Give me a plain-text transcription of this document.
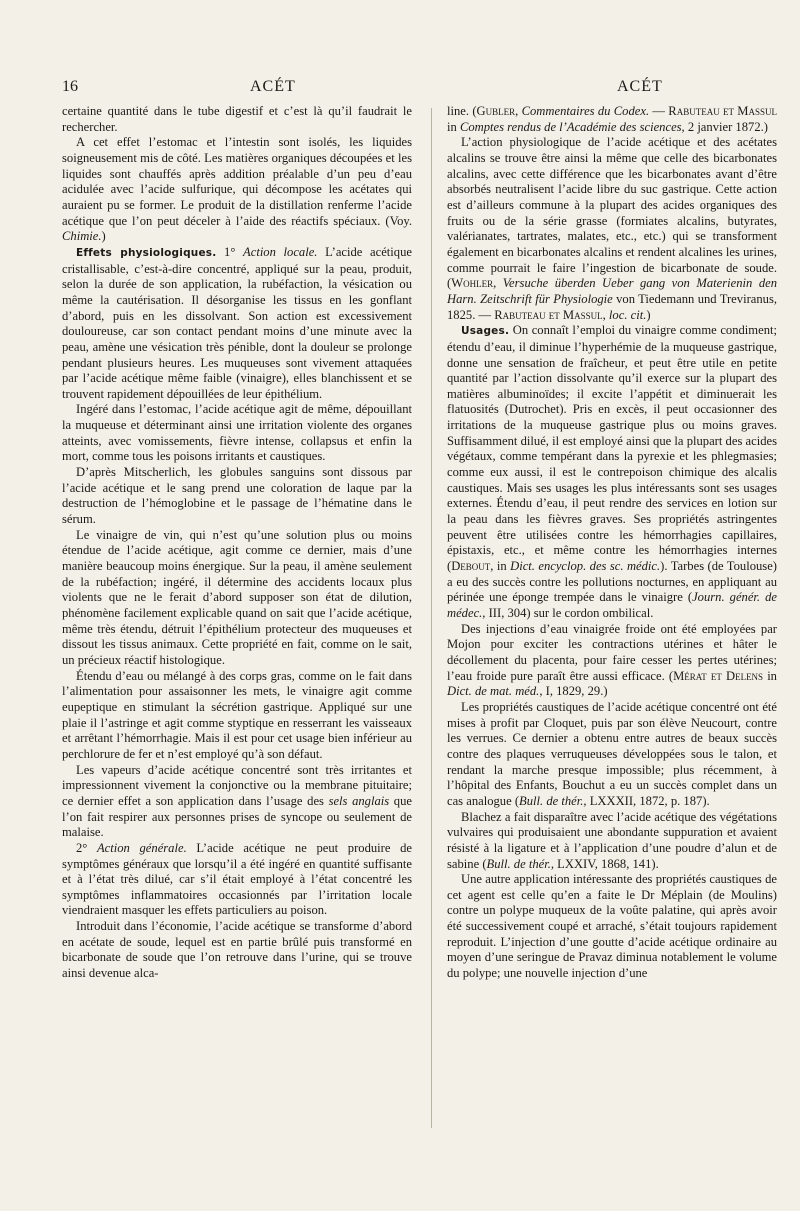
16	ACÉT	ACÉT

certaine quantité dans le tube digestif et c’est là qu’il faudrait le rechercher.

A cet effet l’estomac et l’intestin sont isolés, les liquides soigneusement mis de côté. Les matières organiques découpées et les liquides sont chauffés après addition préalable d’un peu d’eau acidulée avec l’acide sulfurique, qui décompose les acétates qui auraient pu se former. Le produit de la distillation renferme l’acide acétique que l’on peut déceler à l’aide des réactifs spéciaux. (Voy. Chimie.)

Effets physiologiques. 1° Action locale. L’acide acétique cristallisable, c’est-à-dire concentré, appliqué sur la peau, produit, selon la durée de son application, la rubéfaction, la vésication ou même la cautérisation. Il désorganise les tissus en les gonflant d’abord, puis en les dissolvant. Son action est excessivement douloureuse, car son contact pendant moins d’une minute avec la peau, amène une vésication très pénible, dont la douleur se prolonge pendant plusieurs heures. Les muqueuses sont vivement attaquées par l’acide acétique même faible (vinaigre), elles blanchissent et se trouvent rapidement dépouillées de leur épithélium.

Ingéré dans l’estomac, l’acide acétique agit de même, dépouillant la muqueuse et déterminant ainsi une irritation violente des organes atteints, avec vomissements, fièvre intense, collapsus et enfin la mort, comme tous les poisons irritants et caustiques.

D’après Mitscherlich, les globules sanguins sont dissous par l’acide acétique et le sang prend une coloration de laque par la destruction de l’hémoglobine et le passage de l’hématine dans le sérum.

Le vinaigre de vin, qui n’est qu’une solution plus ou moins étendue de l’acide acétique, agit comme ce dernier, mais d’une manière beaucoup moins énergique. Sur la peau, il amène seulement de la rubéfaction; ingéré, il détermine des accidents locaux plus violents que ne le ferait d’abord supposer son état de dilution, phénomène facilement explicable quand on sait que l’acide acétique, même très étendu, détruit l’épithélium protecteur des muqueuses et dissout les tissus animaux. Cette propriété en fait, comme on le sait, un précieux réactif histologique.

Étendu d’eau ou mélangé à des corps gras, comme on le fait dans l’alimentation pour assaisonner les mets, le vinaigre agit comme eupeptique en stimulant la sécrétion gastrique. Appliqué sur une plaie il l’astringe et agit comme styptique en resserrant les vaisseaux et arrêtant l’hémorrhagie. Mais il est pour cet usage bien inférieur au perchlorure de fer et n’est employé qu’à son défaut.

Les vapeurs d’acide acétique concentré sont très irritantes et impressionnent vivement la conjonctive ou la membrane pituitaire; ce dernier effet a son application dans l’usage des sels anglais que l’on fait respirer aux personnes prises de syncope ou seulement de malaise.

2° Action générale. L’acide acétique ne peut produire de symptômes généraux que lorsqu’il a été ingéré en quantité suffisante et à l’état très dilué, car s’il était employé à l’état concentré les symptômes inflammatoires occasionnés par l’irritation locale viendraient masquer les effets particuliers au poison.

Introduit dans l’économie, l’acide acétique se transforme d’abord en acétate de soude, lequel est en partie brûlé puis transformé en bicarbonate de soude que l’on retrouve dans l’urine, qui se trouve ainsi devenue alca-

line. (Gubler, Commentaires du Codex. — Rabuteau et Massul in Comptes rendus de l’Académie des sciences, 2 janvier 1872.)

L’action physiologique de l’acide acétique et des acétates alcalins se trouve être ainsi la même que celle des bicarbonates alcalins, avec cette différence que les bicarbonates avant d’être absorbés neutralisent l’acide libre du suc gastrique. Cette action est d’ailleurs commune à la plupart des acides organiques des fruits ou de la série grasse (formiates alcalins, butyrates, valérianates, tartrates, malates, etc., etc.) qui se transforment également en bicarbonates alcalins et rendent alcalines les urines, comme pourrait le faire l’ingestion de bicarbonate de soude. (Wohler, Versuche überden Ueber gang von Materienin den Harn. Zeitschrift für Physiologie von Tiedemann und Treviranus, 1825. — Rabuteau et Massul, loc. cit.)

Usages. On connaît l’emploi du vinaigre comme condiment; étendu d’eau, il diminue l’hyperhémie de la muqueuse gastrique, donne une sensation de fraîcheur, et peut être utile en petite quantité par l’action dissolvante qu’il exerce sur la plupart des matières albuminoïdes; il excite l’appétit et diminuerait les flatuosités (Dutrochet). Pris en excès, il peut occasionner des irritations de la muqueuse gastrique plus ou moins graves. Suffisamment dilué, il est employé ainsi que la plupart des acides végétaux, comme tempérant dans la pyrexie et les phlegmasies; comme eux aussi, il est le contrepoison chimique des alcalis caustiques. Mais ses usages les plus intéressants sont ses usages externes. Étendu d’eau, il peut rendre des services en lotion sur la peau dans les fièvres graves. Ses propriétés astringentes peuvent être utilisées contre les hémorrhagies capillaires, épistaxis, etc., et même contre les hémorrhagies internes (Debout, in Dict. encyclop. des sc. médic.). Tarbes (de Toulouse) a eu des succès contre les pollutions nocturnes, en appliquant au périnée une éponge trempée dans le vinaigre (Journ. génér. de médec., III, 304) sur le cordon ombilical.

Des injections d’eau vinaigrée froide ont été employées par Mojon pour exciter les contractions utérines et hâter le décollement du placenta, pour faire cesser les pertes utérines; l’eau froide pure paraît être aussi efficace. (Mérat et Delens in Dict. de mat. méd., I, 1829, 29.)

Les propriétés caustiques de l’acide acétique concentré ont été mises à profit par Cloquet, puis par son élève Neucourt, contre les verrues. Ce dernier a obtenu entre autres de beaux succès contre des plaques verruqueuses développées sous le talon, et rendant la marche presque impossible; plus récemment, à l’hôpital des Enfants, Bouchut a eu un succès complet dans un cas analogue (Bull. de thér., LXXXII, 1872, p. 187).

Blachez a fait disparaître avec l’acide acétique des végétations vulvaires qui produisaient une abondante suppuration et avaient résisté à la ligature et à l’application d’une poudre d’alun et de sabine (Bull. de thér., LXXIV, 1868, 141).

Une autre application intéressante des propriétés caustiques de cet agent est celle qu’en a faite le Dr Méplain (de Moulins) contre un polype muqueux de la voûte palatine, qui après avoir été successivement coupé et arraché, s’était toujours rapidement reproduit. L’injection d’une goutte d’acide acétique ordinaire au moyen d’une seringue de Pravaz diminua notablement le volume du polype; une nouvelle injection d’une
